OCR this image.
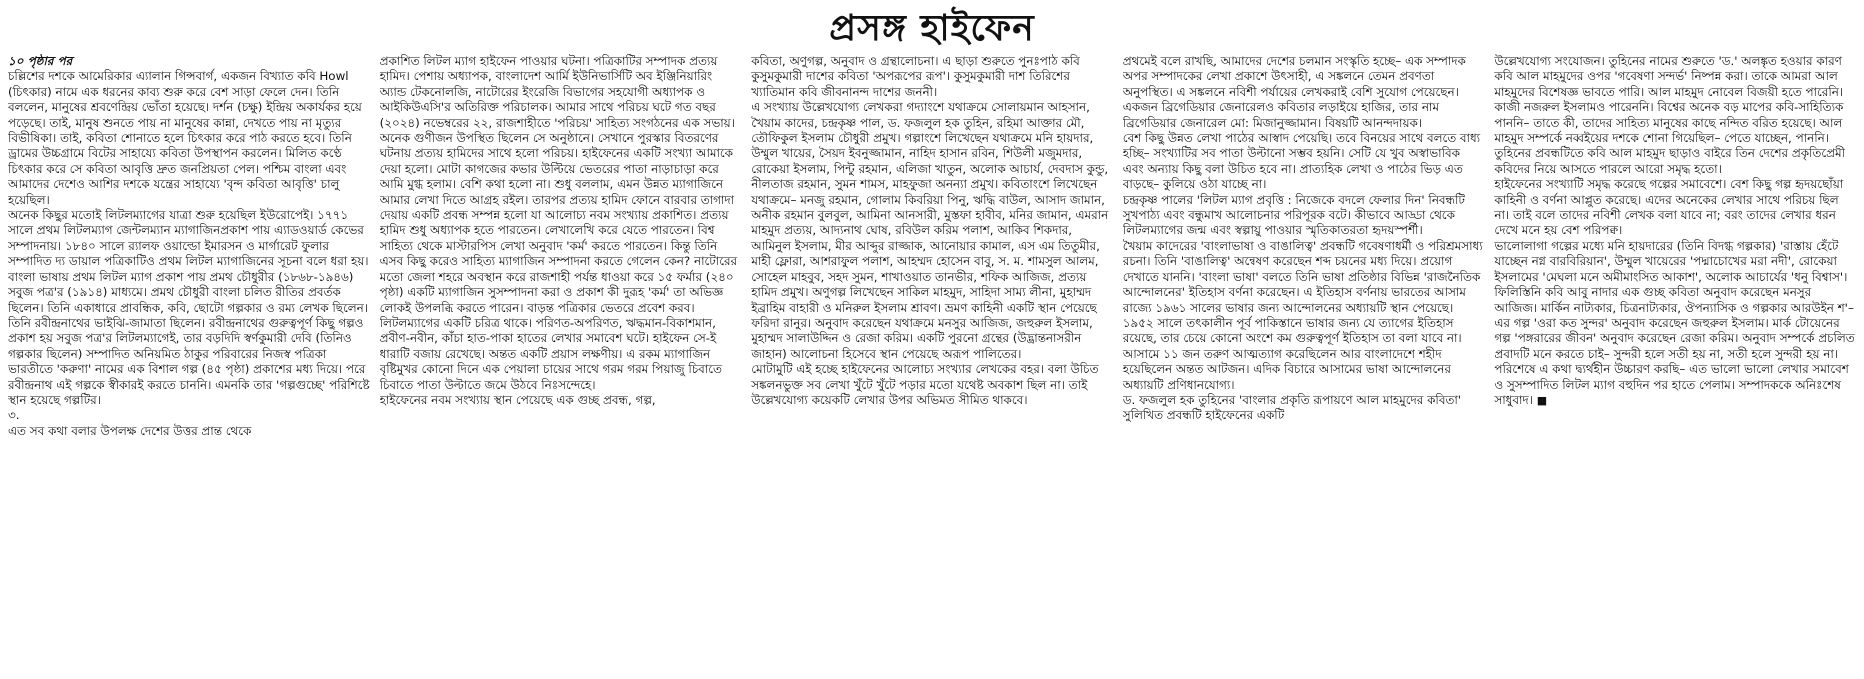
প্রসঙ্গ হাইফেন

১০ পৃষ্ঠার পর

চল্লিশের দশকে আমেরিকার এ্যালান গিন্সবার্গ, একজন বিখ্যাত কবি Howl (চিৎকার) নামে এক ধরনের কাব্য শুরু করে বেশ সাড়া ফেলে দেন। তিনি বললেন, মানুষের শ্রবণেন্দ্রিয় ভোঁতা হয়েছে। দর্শন (চক্ষু) ইন্দ্রিয় অকার্যকর হয়ে পড়েছে। তাই, মানুষ শুনতে পায় না মানুষের কান্না, দেখতে পায় না মৃত্যুর বিভীষিকা। তাই, কবিতা শোনাতে হলে চিৎকার করে পাঠ করতে হবে। তিনি ড্রামের উচ্চগ্রামে বিটের সাহায্যে কবিতা উপস্থাপন করলেন। মিলিত কণ্ঠে চিৎকার করে সে কবিতা আবৃত্তি দ্রুত জনপ্রিয়তা পেল। পশ্চিম বাংলা এবং আমাদের দেশেও আশির দশকে যন্ত্রের সাহায্যে 'বৃন্দ কবিতা আবৃত্তি' চালু হয়েছিল।

অনেক কিছুর মতোই লিটলম্যাগের যাত্রা শুরু হয়েছিল ইউরোপেই। ১৭৭১ সালে প্রথম লিটলম্যাগ জেন্টলম্যান ম্যাগাজিনপ্রকাশ পায় এ্যাডওয়ার্ড কেভের সম্পাদনায়। ১৮৪০ সালে র‍্যালফ ওয়াল্ডো ইমারসন ও মার্গারেট ফুলার সম্পাদিত দ্য ডায়াল পত্রিকাটিও প্রথম লিটল ম্যাগাজিনের সূচনা বলে ধরা হয়। বাংলা ভাষায় প্রথম লিটল ম্যাগ প্রকাশ পায় প্রমথ চৌধুরীর (১৮৬৮-১৯৪৬) সবুজ পত্র'র (১৯১৪) মাধ্যমে। প্রমথ চৌধুরী বাংলা চলিত রীতির প্রবর্তক ছিলেন। তিনি একাধারে প্রাবন্ধিক, কবি, ছোটো গল্পকার ও রম্য লেখক ছিলেন। তিনি রবীন্দ্রনাথের ভাইঝি-জামাতা ছিলেন। রবীন্দ্রনাথের গুরুত্বপূর্ণ কিছু গল্পও প্রকাশ হয় সবুজ পত্র'র লিটলম্যাগেই, তার বড়দিদি স্বর্ণকুমারী দেবি (তিনিও গল্পকার ছিলেন) সম্পাদিত অনিয়মিত ঠাকুর পরিবারের নিজস্ব পত্রিকা ভারতীতে 'করুণা' নামের এক বিশাল গল্প (৪৫ পৃষ্ঠা) প্রকাশের মধ্য দিয়ে। পরে রবীন্দ্রনাথ এই গল্পকে স্বীকারই করতে চাননি। এমনকি তার 'গল্পগুচ্ছে' পরিশিষ্টে স্থান হয়েছে গল্পটির।

৩.

এত সব কথা বলার উপলক্ষ দেশের উত্তর প্রান্ত থেকে

প্রকাশিত লিটল ম্যাগ হাইফেন পাওয়ার ঘটনা। পত্রিকাটির সম্পাদক প্রত্যয় হামিদ। পেশায় অধ্যাপক, বাংলাদেশ আর্মি ইউনিভার্সিটি অব ইঞ্জিনিয়ারিং অ্যান্ড টেকনোলজি, নাটোরের ইংরেজি বিভাগের সহযোগী অধ্যাপক ও আইকিউএসি'র অতিরিক্ত পরিচালক। আমার সাথে পরিচয় ঘটে গত বছর (২০২৪) নভেম্বরের ২২, রাজশাহীতে 'পরিচয়' সাহিত্য সংগঠনের এক সভায়। অনেক গুণীজন উপস্থিত ছিলেন সে অনুষ্ঠানে। সেখানে পুরস্কার বিতরণের ঘটনায় প্রত্যয় হামিদের সাথে হলো পরিচয়। হাইফেনের একটি সংখ্যা আমাকে দেয়া হলো। মোটা কাগজের কভার উল্টিয়ে ভেতরের পাতা নাড়াচাড়া করে আমি মুগ্ধ হলাম। বেশি কথা হলো না। শুধু বললাম, এমন উন্নত ম্যাগাজিনে আমার লেখা দিতে আগ্রহ রইল। তারপর প্রত্যয় হামিদ ফোনে বারবার তাগাদা দেয়ায় একটি প্রবন্ধ সম্পন্ন হলো যা আলোচ্য নবম সংখ্যায় প্রকাশিত। প্রত্যয় হামিদ শুধু অধ্যাপক হতে পারতেন। লেখালেখি করে যেতে পারতেন। বিশ্ব সাহিত্য থেকে মাস্টারপিস লেখা অনুবাদ 'কর্ম' করতে পারতেন। কিন্তু তিনি এসব কিছু করেও সাহিত্য ম্যাগাজিন সম্পাদনা করতে গেলেন কেন? নাটোরের মতো জেলা শহরে অবস্থান করে রাজশাহী পর্যন্ত ধাওয়া করে ১৫ ফর্মার (২৪০ পৃষ্ঠা) একটি ম্যাগাজিন সুসম্পাদনা করা ও প্রকাশ কী দুরূহ 'কর্ম' তা অভিজ্ঞ লোকই উপলব্ধি করতে পারেন। বাড়ন্ত পত্রিকার ভেতরে প্রবেশ করব।

লিটলম্যাগের একটি চরিত্র থাকে। পরিণত-অপরিণত, ঋদ্ধমান-বিকাশমান, প্রবীণ-নবীন, কাঁচা হাত-পাকা হাতের লেখার সমাবেশ ঘটে। হাইফেন সে-ই ধারাটি বজায় রেখেছে। অন্তত একটি প্রয়াস লক্ষণীয়। এ রকম ম্যাগাজিন বৃষ্টিমুখর কোনো দিনে এক পেয়ালা চায়ের সাথে গরম গরম পিয়াজু চিবাতে চিবাতে পাতা উল্টাতে জমে উঠবে নিঃসন্দেহে।

হাইফেনের নবম সংখ্যায় স্থান পেয়েছে এক গুচ্ছ প্রবন্ধ, গল্প,

কবিতা, অণুগল্প, অনুবাদ ও গ্রন্থালোচনা। এ ছাড়া শুরুতে পুনঃপাঠ কবি কুসুমকুমারী দাশের কবিতা 'অপরূপের রূপ'। কুসুমকুমারী দাশ তিরিশের খ্যাতিমান কবি জীবনানন্দ দাশের জননী।

এ সংখ্যায় উল্লেখযোগ্য লেখকরা গদ্যাংশে যথাক্রমে সোলায়মান আহসান, খৈয়াম কাদের, চন্দ্রকৃষ্ণ পাল, ড. ফজলুল হক তুহিন, রহিমা আক্তার মৌ, তৌফিকুল ইসলাম চৌধুরী প্রমুখ। গল্পাংশে লিখেছেন যথাক্রমে মনি হায়দার, উম্মুল খায়ের, সৈয়দ ইবনুজ্জামান, নাহিদ হাসান রবিন, শিউলী মজুমদার, রোকেয়া ইসলাম, পিন্টু রহমান, এলিজা খাতুন, অলোক আচার্য, দেবদাস কুন্ডু, নীলতাজ রহমান, সুমন শামস, মাহফুজা অনন্যা প্রমুখ। কবিতাংশে লিখেছেন যথাক্রমে– মনজু রহমান, গোলাম কিবরিয়া পিনু, ঋদ্ধি বাউল, আসাদ জামান, অনীক রহমান বুলবুল, আমিনা আনসারী, মুস্তফা হাবীব, মনির জামান, এমরান মাহমুদ প্রত্যয়, আদ্যনাথ ঘোষ, রবিউল করিম পলাশ, আকিব শিকদার, আমিনুল ইসলাম, মীর আব্দুর রাজ্জাক, আনোয়ার কামাল, এস এম তিতুমীর, মাহী ফ্লোরা, আশরাফুল পলাশ, আহম্মদ হোসেন বাবু, স. ম. শামসুল আলম, সোহেল মাহবুব, সহদ সুমন, শাখাওয়াত তানভীর, শফিক আজিজ, প্রত্যয় হামিদ প্রমুখ। অণুগল্প লিখেছেন সাকিল মাহমুদ, সাহিদা সাম্য লীনা, মুহাম্মদ ইব্রাহিম বাহারী ও মনিরুল ইসলাম শ্রাবণ। ভ্রমণ কাহিনী একটি স্থান পেয়েছে ফরিদা রানুর। অনুবাদ করেছেন যথাক্রমে মনসুর আজিজ, জহুরুল ইসলাম, মুহাম্মদ সালাউদ্দিন ও রেজা করিম। একটি পুরনো গ্রন্থের (উদ্ভ্রান্তনাসরীন জাহান) আলোচনা হিসেবে স্থান পেয়েছে অরূপ পালিতের।

মোটামুটি এই হচ্ছে হাইফেনের আলোচ্য সংখ্যার লেখকের বহর। বলা উচিত সঙ্কলনভুক্ত সব লেখা খুঁটে খুঁটে পড়ার মতো যথেষ্ট অবকাশ ছিল না। তাই উল্লেখযোগ্য কয়েকটি লেখার উপর অভিমত সীমিত থাকবে।

প্রথমেই বলে রাখছি, আমাদের দেশের চলমান সংস্কৃতি হচ্ছে– এক সম্পাদক অপর সম্পাদকের লেখা প্রকাশে উৎসাহী, এ সঙ্কলনে তেমন প্রবণতা অনুপস্থিত। এ সঙ্কলনে নবিশী পর্যায়ের লেখকরাই বেশি সুযোগ পেয়েছেন। একজন ব্রিগেডিয়ার জেনারেলও কবিতার লড়াইয়ে হাজির, তার নাম ব্রিগেডিয়ার জেনারেল মো: মিজানুজ্জামান। বিষয়টি আনন্দদায়ক।

বেশ কিছু উন্নত লেখা পাঠের আস্বাদ পেয়েছি। তবে বিনয়ের সাথে বলতে বাধ্য হচ্ছি– সংখ্যাটির সব পাতা উল্টানো সম্ভব হয়নি। সেটি যে খুব অস্বাভাবিক এবং অন্যায় কিছু বলা উচিত হবে না। প্রাত্যহিক লেখা ও পাঠের ভিড় এত বাড়ছে– কুলিয়ে ওঠা যাচ্ছে না।

চন্দ্রকৃষ্ণ পালের 'লিটল ম্যাগ প্রবৃত্তি : নিজেকে বদলে ফেলার দিন' নিবন্ধটি সুখপাঠ্য এবং বন্ধুমাখ আলোচনার পরিপূরক বটে। কীভাবে আড্ডা থেকে লিটলম্যাগের জন্ম এবং স্বল্পায়ু পাওয়ার স্মৃতিকাতরতা হৃদয়স্পর্শী।

খৈয়াম কাদেরের 'বাংলাভাষা ও বাঙালিত্ব' প্রবন্ধটি গবেষণাধর্মী ও পরিশ্রমসাধ্য রচনা। তিনি 'বাঙালিত্ব' অন্বেষণ করেছেন শব্দ চয়নের মধ্য দিয়ে। প্রয়োগ দেখাতে যাননি। 'বাংলা ভাষা' বলতে তিনি ভাষা প্রতিষ্ঠার বিভিন্ন 'রাজনৈতিক আন্দোলনের' ইতিহাস বর্ণনা করেছেন। এ ইতিহাস বর্ণনায় ভারতের আসাম রাজ্যে ১৯৬১ সালের ভাষার জন্য আন্দোলনের অধ্যায়টি স্থান পেয়েছে। ১৯৫২ সালে তৎকালীন পূর্ব পাকিস্তানে ভাষার জন্য যে ত্যাগের ইতিহাস রয়েছে, তার চেয়ে কোনো অংশে কম গুরুত্বপূর্ণ ইতিহাস তা বলা যাবে না। আসামে ১১ জন তরুণ আত্মত্যাগ করেছিলেন আর বাংলাদেশে শহীদ হয়েছিলেন অন্তত আটজন। এদিক বিচারে আসামের ভাষা আন্দোলনের অধ্যায়টি প্রণিধানযোগ্য।

ড. ফজলুল হক তুহিনের 'বাংলার প্রকৃতি রূপায়ণে আল মাহমুদের কবিতা' সুলিখিত প্রবন্ধটি হাইফেনের একটি

উল্লেখযোগ্য সংযোজন। তুহিনের নামের শুরুতে 'ড.' অলঙ্কৃত হওয়ার কারণ কবি আল মাহমুদের ওপর 'গবেষণা সন্দর্ভ' নিষ্পন্ন করা। তাকে আমরা আল মাহমুদের বিশেষজ্ঞ ভাবতে পারি। আল মাহমুদ নোবেল বিজয়ী হতে পারেনি। কাজী নজরুল ইসলামও পারেননি। বিশ্বের অনেক বড় মাপের কবি-সাহিত্যিক পাননি– তাতে কী, তাদের সাহিত্য মানুষের কাছে নন্দিত বরিত হয়েছে। আল মাহমুদ সম্পর্কে নব্বইয়ের দশকে শোনা গিয়েছিল– পেতে যাচ্ছেন, পাননি। তুহিনের প্রবন্ধটিতে কবি আল মাহমুদ ছাড়াও বাইরে তিন দেশের প্রকৃতিপ্রেমী কবিদের নিয়ে আসতে পারলে আরো সমৃদ্ধ হতো।

হাইফেনের সংখ্যাটি সমৃদ্ধ করেছে গল্পের সমাবেশে। বেশ কিছু গল্প হৃদয়ছোঁয়া কাহিনী ও বর্ণনা আপ্লুত করেছে। এদের অনেকের লেখার সাথে পরিচয় ছিল না। তাই বলে তাদের নবিশী লেখক বলা যাবে না; বরং তাদের লেখার ধরন দেখে মনে হয় বেশ পরিপক্ব।

ভালোলাগা গল্পের মধ্যে মনি হায়দারের (তিনি বিদগ্ধ গল্পকার) 'রাস্তায় হেঁটে যাচ্ছেন নগ্ন বারবিরিয়ান', উম্মুল খায়েরের 'পদ্মাচোখের মরা নদী', রোকেয়া ইসলামের 'মেঘলা মনে অমীমাংসিত আকাশ', অলোক আচার্যের 'ধনু বিশ্বাস'।

ফিলিস্তিনি কবি আবু নাদার এক গুচ্ছ কবিতা অনুবাদ করেছেন মনসুর আজিজ। মার্কিন নাট্যকার, চিত্রনাট্যকার, ঔপন্যাসিক ও গল্পকার আরউইন শ'–এর গল্প 'ওরা কত সুন্দর' অনুবাদ করেছেন জহুরুল ইসলাম। মার্ক টোয়েনের গল্প 'পঙ্গরারের জীবন' অনুবাদ করেছেন রেজা করিম। অনুবাদ সম্পর্কে প্রচলিত প্রবাদটি মনে করতে চাই– সুন্দরী হলে সতী হয় না, সতী হলে সুন্দরী হয় না।

পরিশেষে এ কথা দ্ব্যর্থহীন উচ্চারণ করছি– এত ভালো ভালো লেখার সমাবেশ ও সুসম্পাদিত লিটল ম্যাগ বহুদিন পর হাতে পেলাম। সম্পাদককে অনিঃশেষ সাধুবাদ। ■
